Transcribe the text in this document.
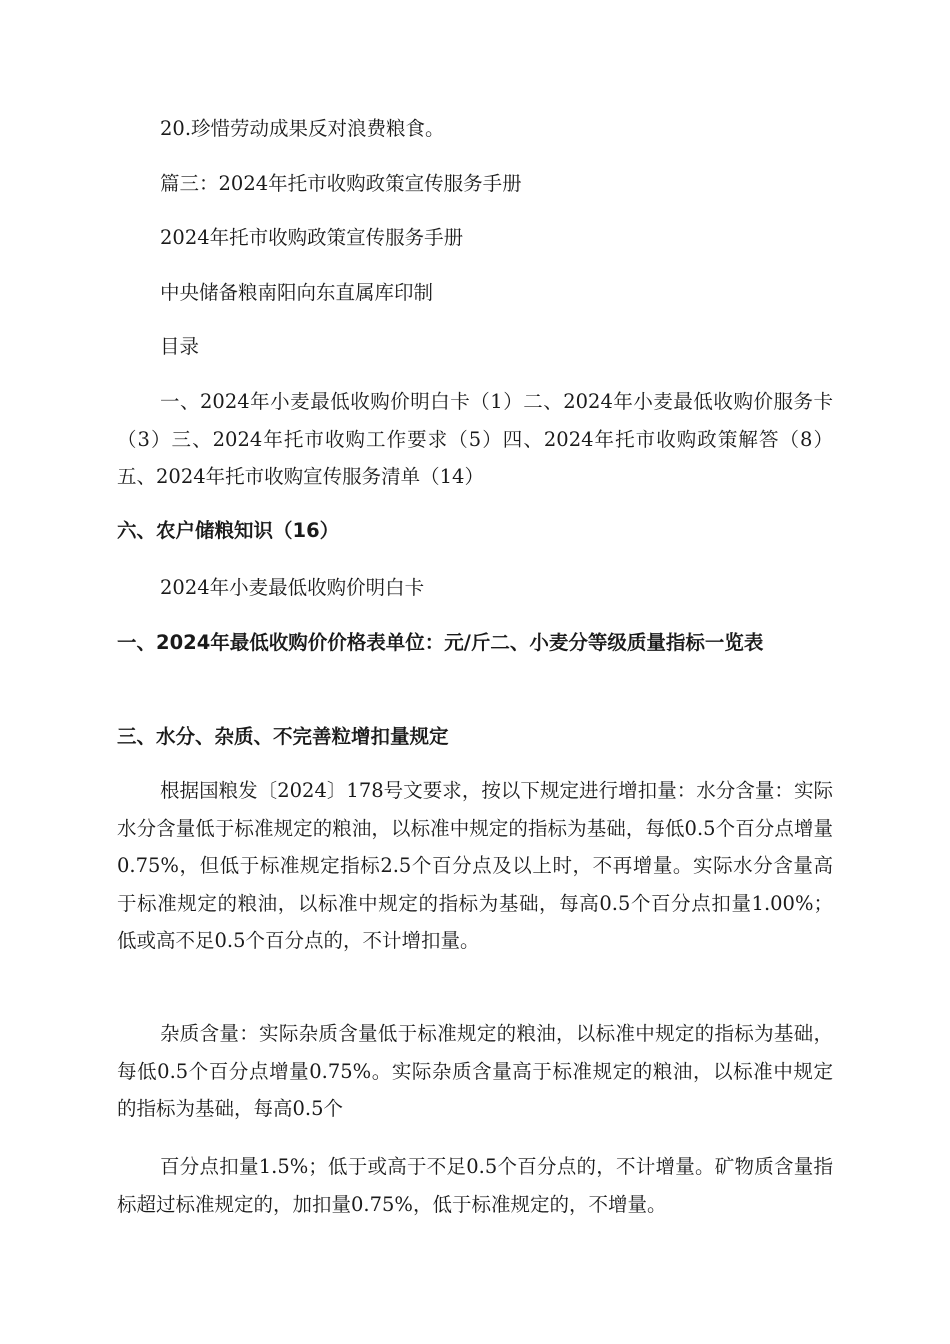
20.珍惜劳动成果反对浪费粮食。

篇三：2024年托市收购政策宣传服务手册

2024年托市收购政策宣传服务手册

中央储备粮南阳向东直属库印制

目录

一、2024年小麦最低收购价明白卡（1）二、2024年小麦最低收购价服务卡（3）三、2024年托市收购工作要求（5）四、2024年托市收购政策解答（8）五、2024年托市收购宣传服务清单（14）

六、农户储粮知识（16）

2024年小麦最低收购价明白卡

一、2024年最低收购价价格表单位：元/斤二、小麦分等级质量指标一览表

三、水分、杂质、不完善粒增扣量规定

根据国粮发〔2024〕178号文要求，按以下规定进行增扣量：水分含量：实际水分含量低于标准规定的粮油，以标准中规定的指标为基础，每低0.5个百分点增量0.75%，但低于标准规定指标2.5个百分点及以上时，不再增量。实际水分含量高于标准规定的粮油，以标准中规定的指标为基础，每高0.5个百分点扣量1.00%；低或高不足0.5个百分点的，不计增扣量。

杂质含量：实际杂质含量低于标准规定的粮油，以标准中规定的指标为基础，每低0.5个百分点增量0.75%。实际杂质含量高于标准规定的粮油，以标准中规定的指标为基础，每高0.5个

百分点扣量1.5%；低于或高于不足0.5个百分点的，不计增量。矿物质含量指标超过标准规定的，加扣量0.75%，低于标准规定的，不增量。
